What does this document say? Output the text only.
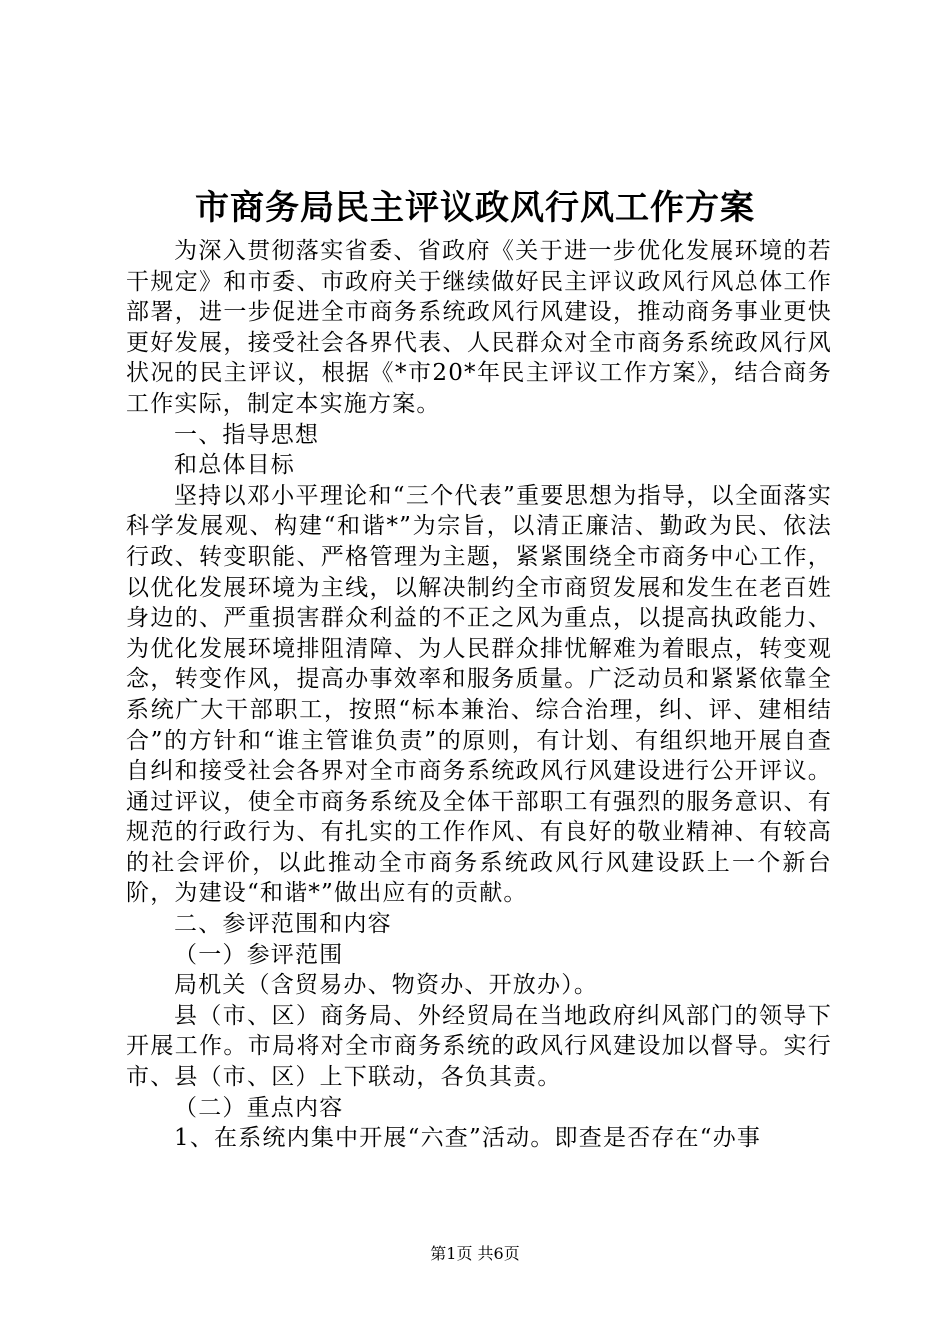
市商务局民主评议政风行风工作方案

为深入贯彻落实省委、省政府《关于进一步优化发展环境的若干规定》和市委、市政府关于继续做好民主评议政风行风总体工作部署，进一步促进全市商务系统政风行风建设，推动商务事业更快更好发展，接受社会各界代表、人民群众对全市商务系统政风行风状况的民主评议，根据《*市20*年民主评议工作方案》，结合商务工作实际，制定本实施方案。

一、指导思想

和总体目标

坚持以邓小平理论和“三个代表”重要思想为指导，以全面落实科学发展观、构建“和谐*”为宗旨，以清正廉洁、勤政为民、依法行政、转变职能、严格管理为主题，紧紧围绕全市商务中心工作，以优化发展环境为主线，以解决制约全市商贸发展和发生在老百姓身边的、严重损害群众利益的不正之风为重点，以提高执政能力、为优化发展环境排阻清障、为人民群众排忧解难为着眼点，转变观念，转变作风，提高办事效率和服务质量。广泛动员和紧紧依靠全系统广大干部职工，按照“标本兼治、综合治理，纠、评、建相结合”的方针和“谁主管谁负责”的原则，有计划、有组织地开展自查自纠和接受社会各界对全市商务系统政风行风建设进行公开评议。通过评议，使全市商务系统及全体干部职工有强烈的服务意识、有规范的行政行为、有扎实的工作作风、有良好的敬业精神、有较高的社会评价，以此推动全市商务系统政风行风建设跃上一个新台阶，为建设“和谐*”做出应有的贡献。

二、参评范围和内容

（一）参评范围

局机关（含贸易办、物资办、开放办）。

县（市、区）商务局、外经贸局在当地政府纠风部门的领导下开展工作。市局将对全市商务系统的政风行风建设加以督导。实行市、县（市、区）上下联动，各负其责。

（二）重点内容

1、在系统内集中开展“六查”活动。即查是否存在“办事

第1页 共6页
